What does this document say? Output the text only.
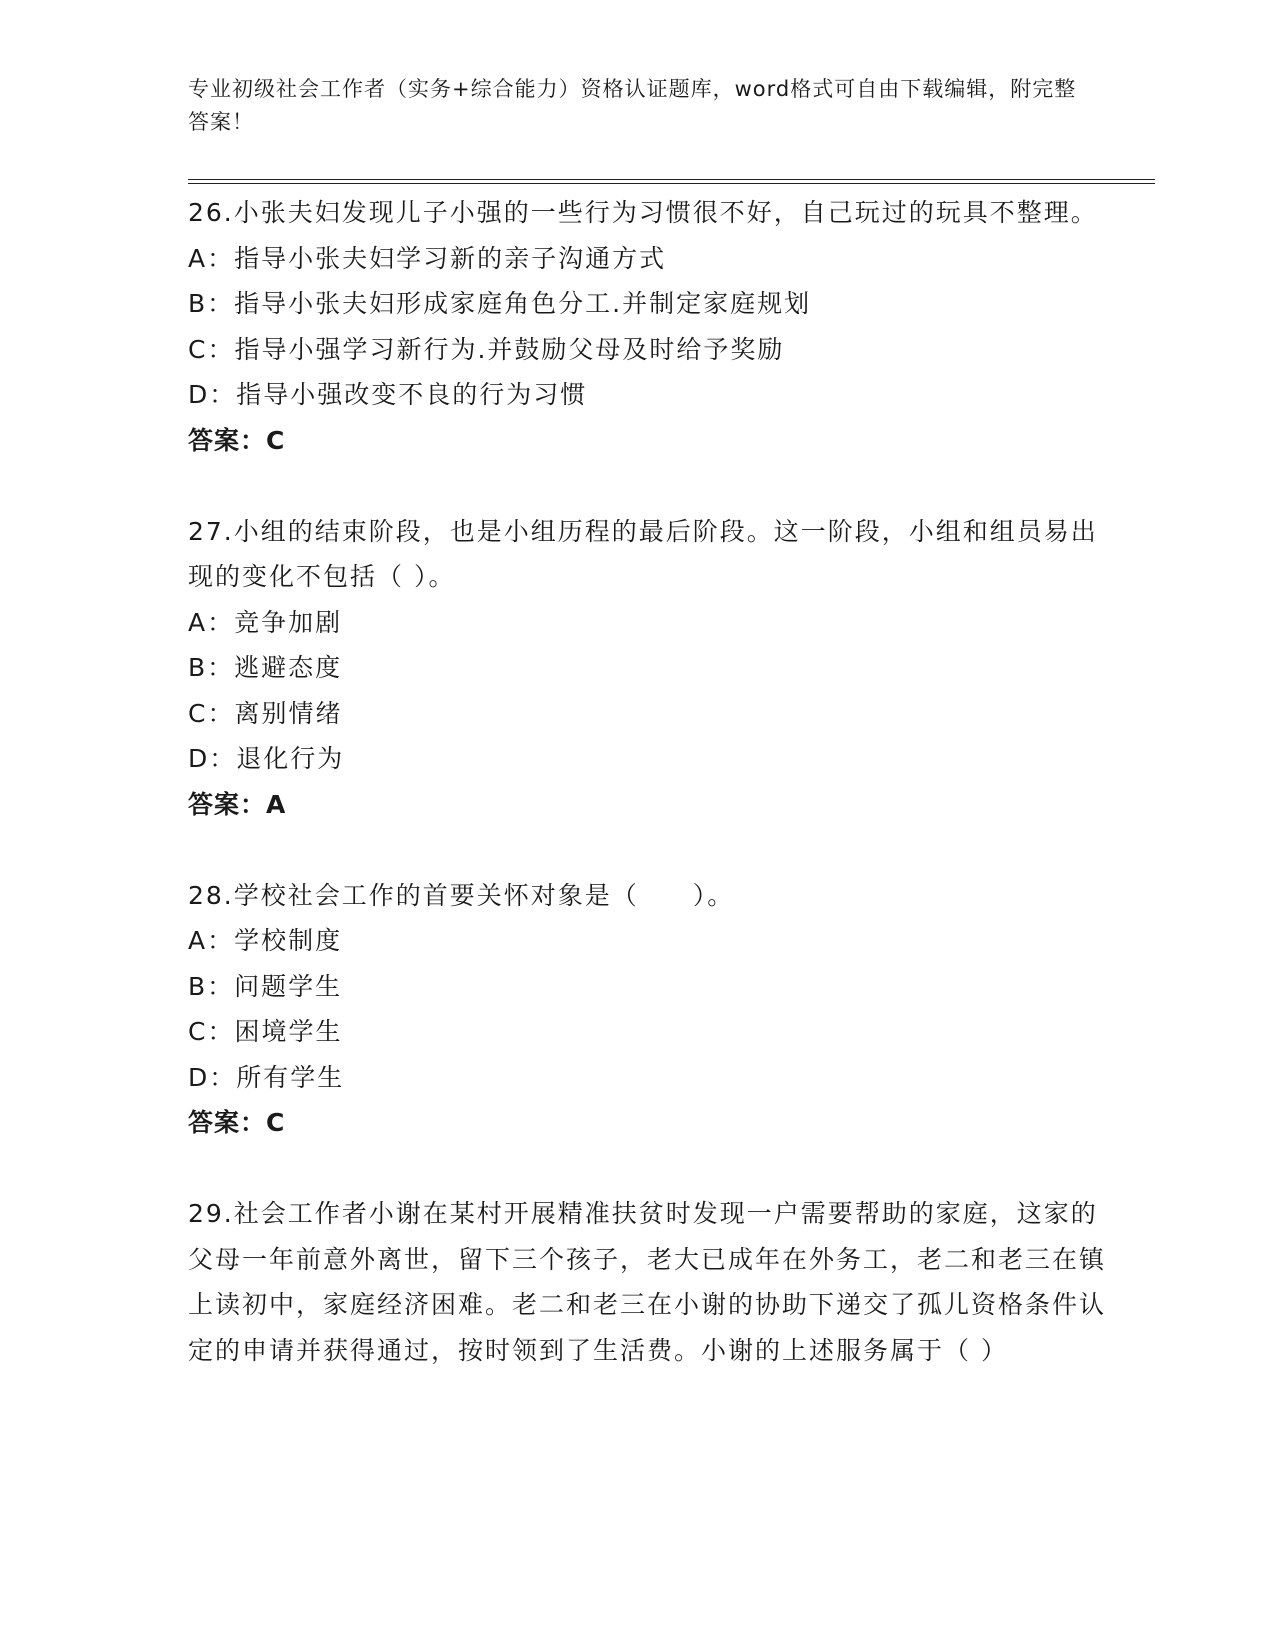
专业初级社会工作者（实务+综合能力）资格认证题库，word格式可自由下载编辑，附完整答案！

26.小张夫妇发现儿子小强的一些行为习惯很不好，自己玩过的玩具不整理。

A：指导小张夫妇学习新的亲子沟通方式

B：指导小张夫妇形成家庭角色分工.并制定家庭规划

C：指导小强学习新行为.并鼓励父母及时给予奖励

D：指导小强改变不良的行为习惯

答案：C

27.小组的结束阶段，也是小组历程的最后阶段。这一阶段，小组和组员易出现的变化不包括（ ）。

A：竞争加剧

B：逃避态度

C：离别情绪

D：退化行为

答案：A

28.学校社会工作的首要关怀对象是（　　）。

A：学校制度

B：问题学生

C：困境学生

D：所有学生

答案：C

29.社会工作者小谢在某村开展精准扶贫时发现一户需要帮助的家庭，这家的父母一年前意外离世，留下三个孩子，老大已成年在外务工，老二和老三在镇上读初中，家庭经济困难。老二和老三在小谢的协助下递交了孤儿资格条件认定的申请并获得通过，按时领到了生活费。小谢的上述服务属于（ ）
